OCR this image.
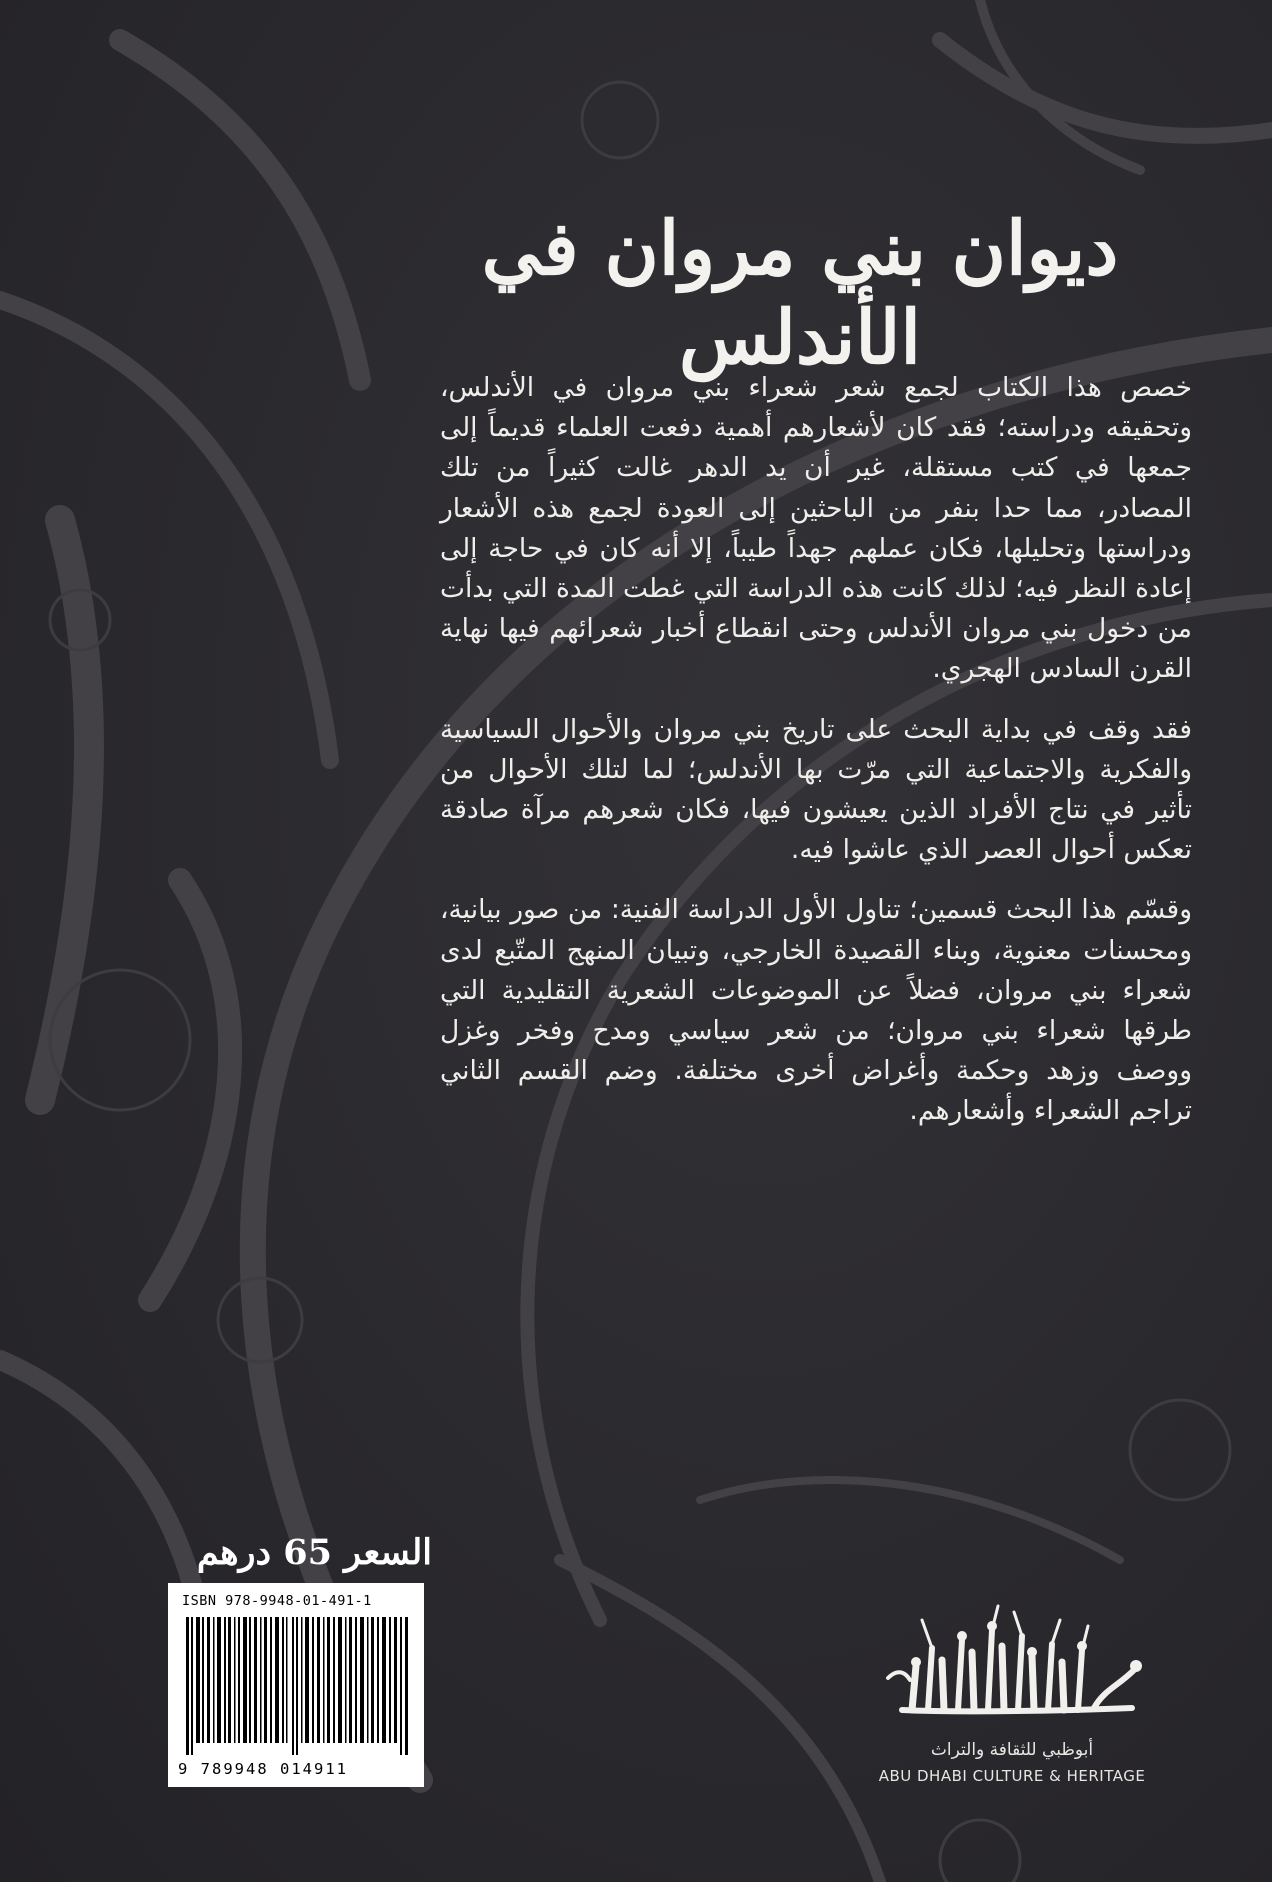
ديوان بني مروان في الأندلس

خصص هذا الكتاب لجمع شعر شعراء بني مروان في الأندلس، وتحقيقه ودراسته؛ فقد كان لأشعارهم أهمية دفعت العلماء قديماً إلى جمعها في كتب مستقلة، غير أن يد الدهر غالت كثيراً من تلك المصادر، مما حدا بنفر من الباحثين إلى العودة لجمع هذه الأشعار ودراستها وتحليلها، فكان عملهم جهداً طيباً، إلا أنه كان في حاجة إلى إعادة النظر فيه؛ لذلك كانت هذه الدراسة التي غطت المدة التي بدأت من دخول بني مروان الأندلس وحتى انقطاع أخبار شعرائهم فيها نهاية القرن السادس الهجري.

فقد وقف في بداية البحث على تاريخ بني مروان والأحوال السياسية والفكرية والاجتماعية التي مرّت بها الأندلس؛ لما لتلك الأحوال من تأثير في نتاج الأفراد الذين يعيشون فيها، فكان شعرهم مرآة صادقة تعكس أحوال العصر الذي عاشوا فيه.

وقسّم هذا البحث قسمين؛ تناول الأول الدراسة الفنية: من صور بيانية، ومحسنات معنوية، وبناء القصيدة الخارجي، وتبيان المنهج المتّبع لدى شعراء بني مروان، فضلاً عن الموضوعات الشعرية التقليدية التي طرقها شعراء بني مروان؛ من شعر سياسي ومدح وفخر وغزل ووصف وزهد وحكمة وأغراض أخرى مختلفة. وضم القسم الثاني تراجم الشعراء وأشعارهم.

السعر 65 درهم
ISBN 978-9948-01-491-1
9 789948 014911
أبوظبي للثقافة والتراث
ABU DHABI CULTURE & HERITAGE
